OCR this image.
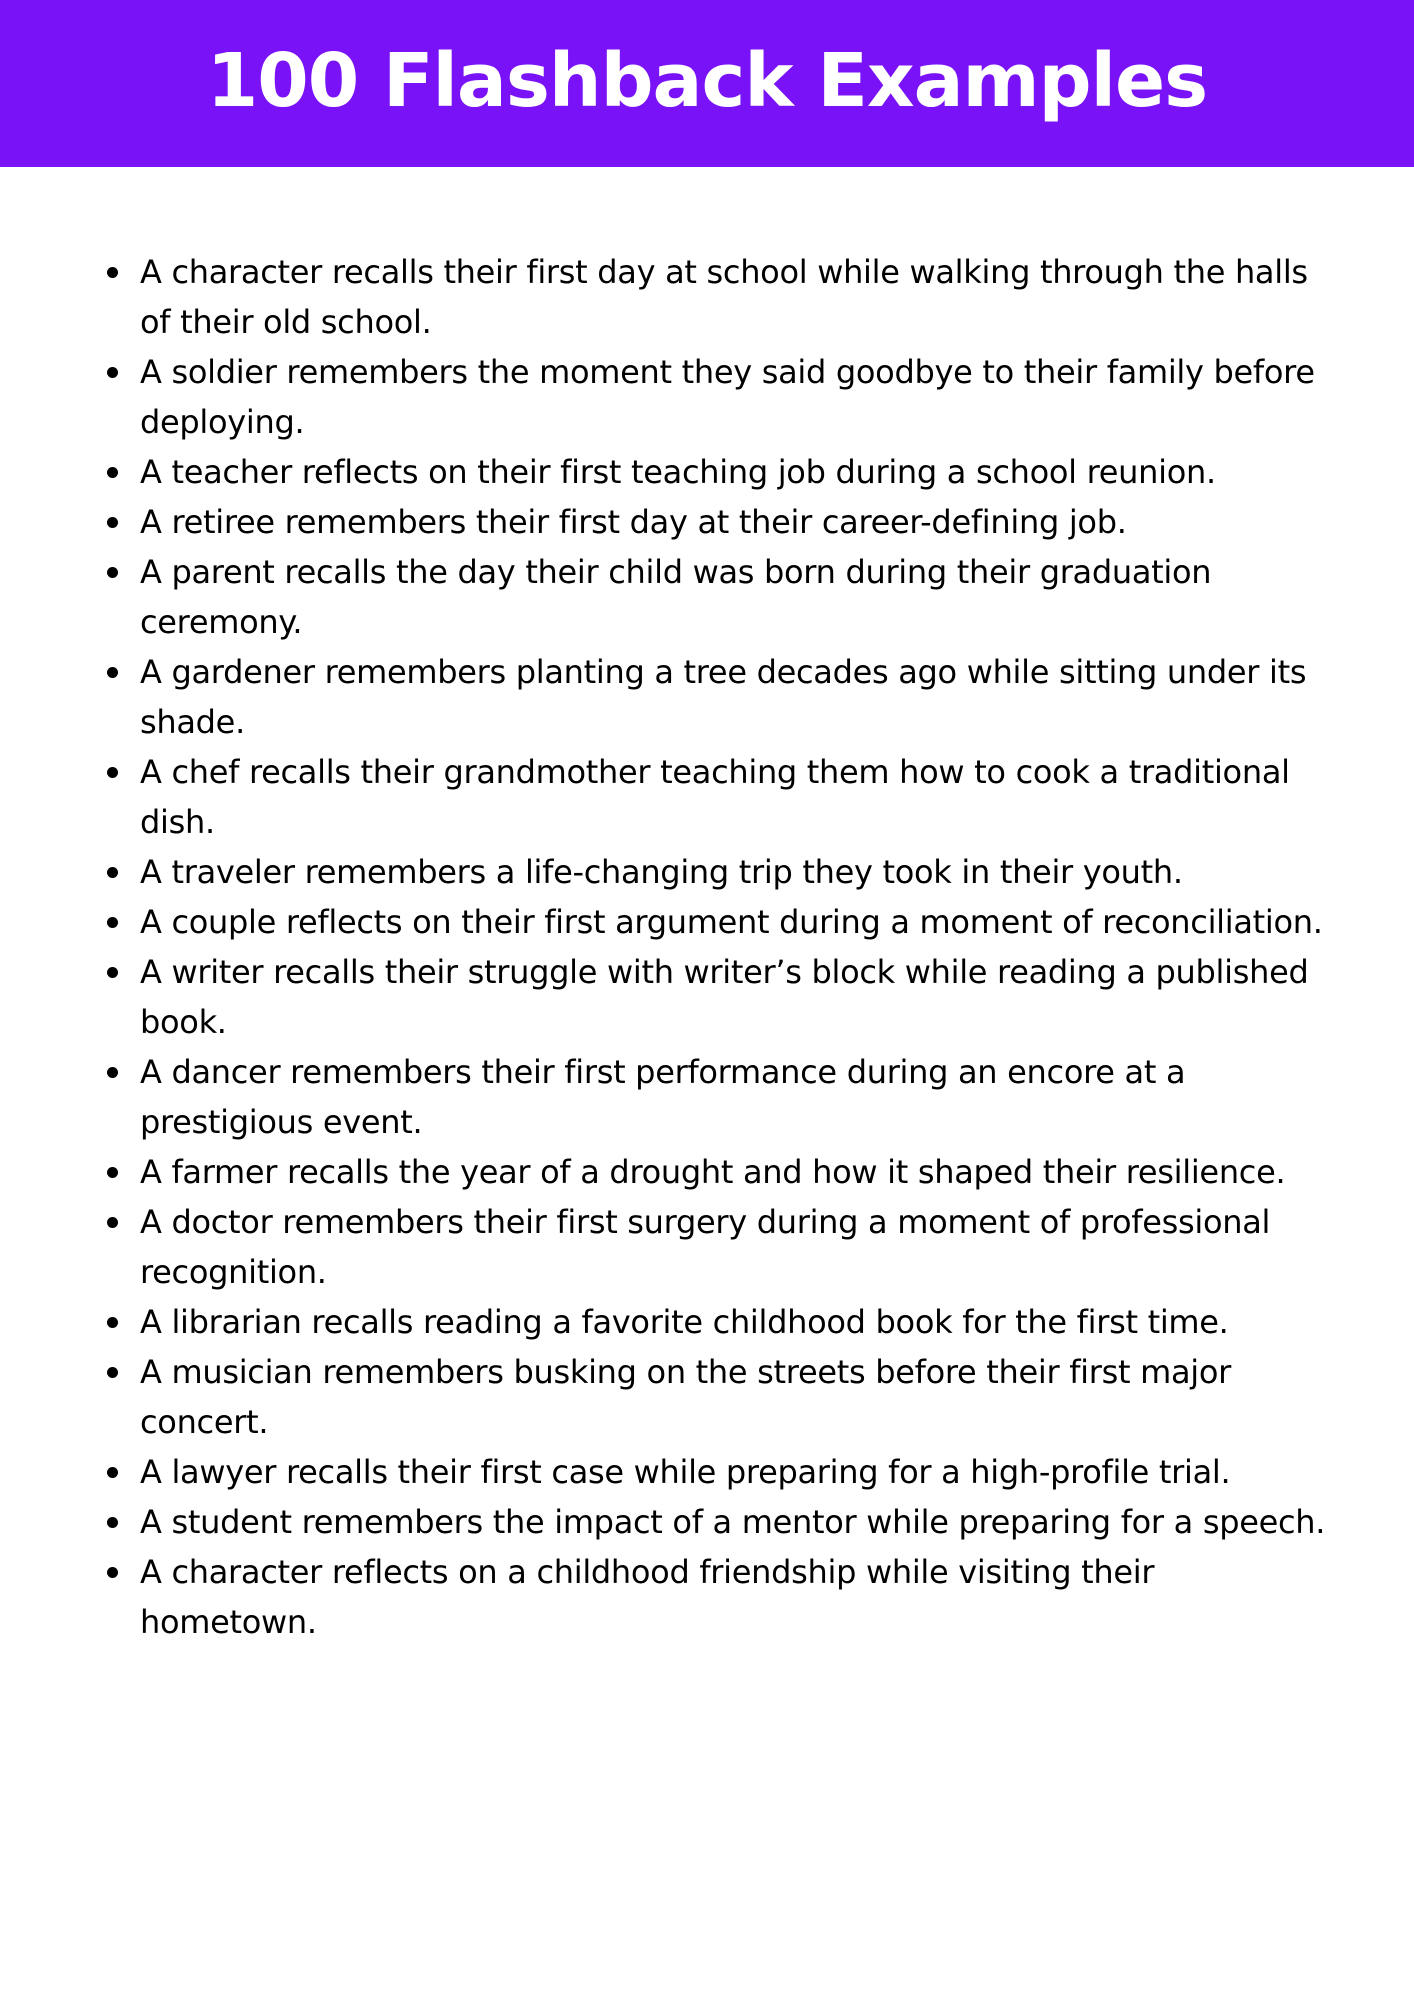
100 Flashback Examples
A character recalls their first day at school while walking through the halls of their old school.
A soldier remembers the moment they said goodbye to their family before deploying.
A teacher reflects on their first teaching job during a school reunion.
A retiree remembers their first day at their career-defining job.
A parent recalls the day their child was born during their graduation ceremony.
A gardener remembers planting a tree decades ago while sitting under its shade.
A chef recalls their grandmother teaching them how to cook a traditional dish.
A traveler remembers a life-changing trip they took in their youth.
A couple reflects on their first argument during a moment of reconciliation.
A writer recalls their struggle with writer’s block while reading a published book.
A dancer remembers their first performance during an encore at a prestigious event.
A farmer recalls the year of a drought and how it shaped their resilience.
A doctor remembers their first surgery during a moment of professional recognition.
A librarian recalls reading a favorite childhood book for the first time.
A musician remembers busking on the streets before their first major concert.
A lawyer recalls their first case while preparing for a high-profile trial.
A student remembers the impact of a mentor while preparing for a speech.
A character reflects on a childhood friendship while visiting their hometown.
